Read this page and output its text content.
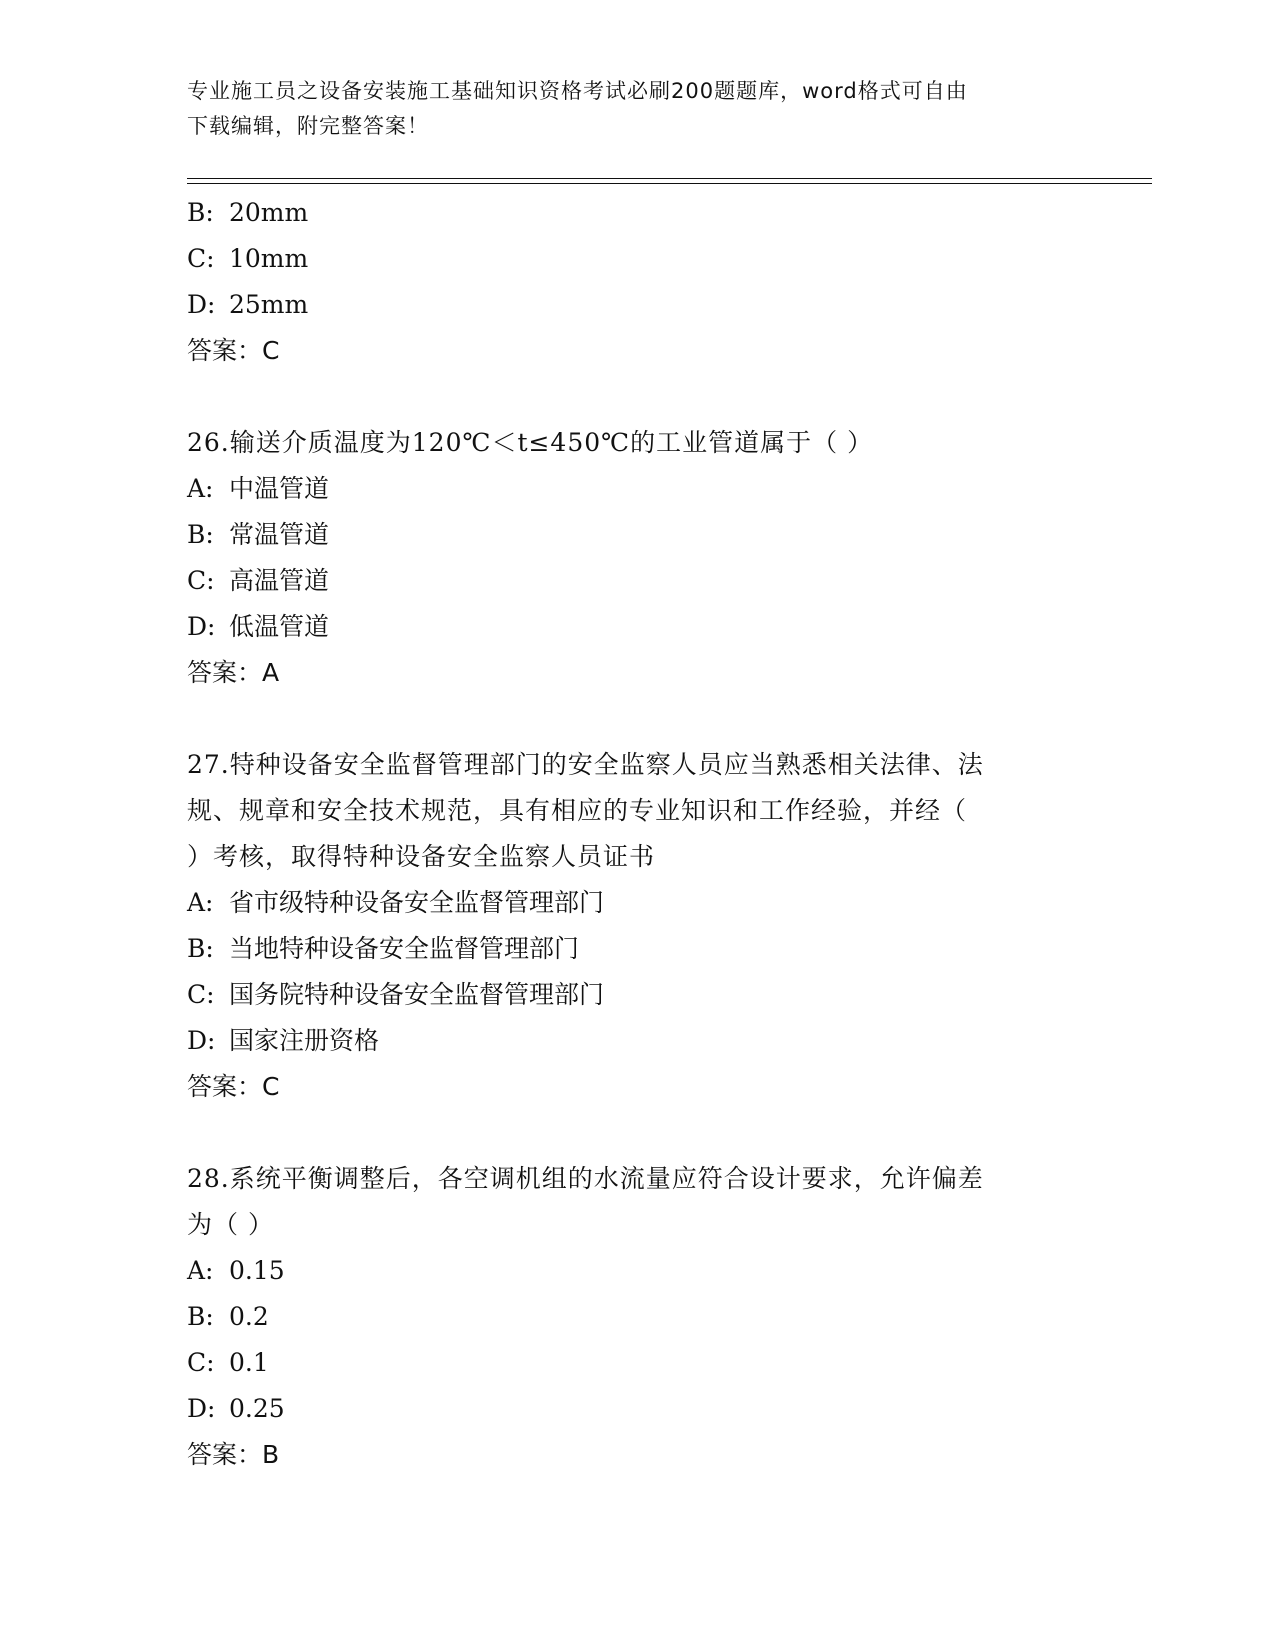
专业施工员之设备安装施工基础知识资格考试必刷200题题库，word格式可自由
下载编辑，附完整答案！
B: 20mm
C: 10mm
D: 25mm
答案：C
26.输送介质温度为120℃＜t≤450℃的工业管道属于（ ）
A: 中温管道
B: 常温管道
C: 高温管道
D: 低温管道
答案：A
27.特种设备安全监督管理部门的安全监察人员应当熟悉相关法律、法
规、规章和安全技术规范，具有相应的专业知识和工作经验，并经（
）考核，取得特种设备安全监察人员证书
A: 省市级特种设备安全监督管理部门
B: 当地特种设备安全监督管理部门
C: 国务院特种设备安全监督管理部门
D: 国家注册资格
答案：C
28.系统平衡调整后，各空调机组的水流量应符合设计要求，允许偏差
为（ ）
A: 0.15
B: 0.2
C: 0.1
D: 0.25
答案：B
